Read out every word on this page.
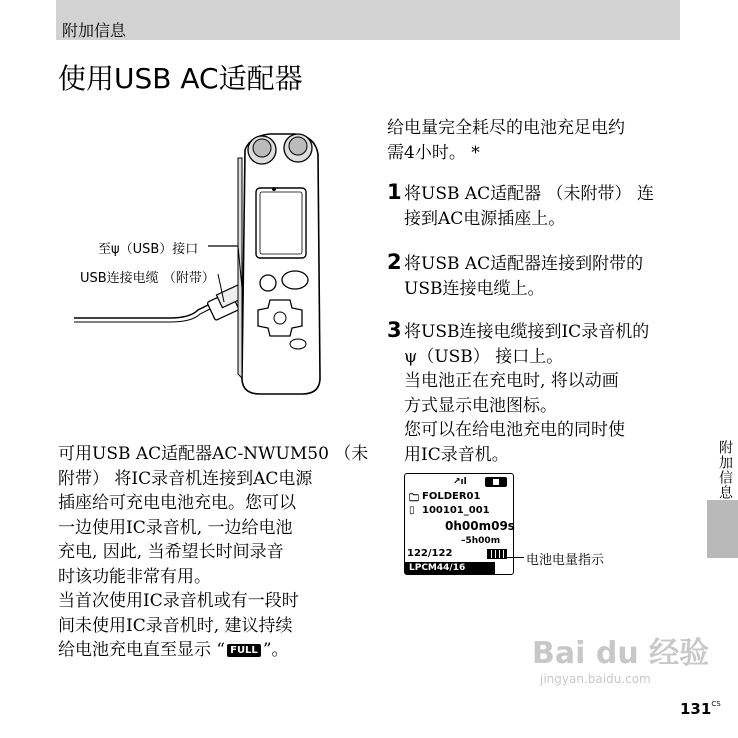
附加信息
使用USB AC适配器
至ψ（USB）接口
USB连接电缆 （附带）
给电量完全耗尽的电池充足电约
需4小时。 *
1 将USB AC适配器 （未附带） 连
接到AC电源插座上。
2 将USB AC适配器连接到附带的
USB连接电缆上。
3 将USB连接电缆接到IC录音机的
ψ（USB） 接口上。
当电池正在充电时, 将以动画
方式显示电池图标。
您可以在给电池充电的同时使
用IC录音机。
可用USB AC适配器AC-NWUM50 （未
附带） 将IC录音机连接到AC电源
插座给可充电电池充电。您可以
一边使用IC录音机, 一边给电池
充电, 因此, 当希望长时间录音
时该功能非常有用。
当首次使用IC录音机或有一段时
间未使用IC录音机时, 建议持续
给电池充电直至显示 “ FULL ”。
↗ıl
🗀 FOLDER01
▯ 100101_001
0h00m09s
–5h00m
122/122
LPCM44/16	电池电量指示
附加信息
Bai du 经验
jingyan.baidu.com
$131^{CS}$
